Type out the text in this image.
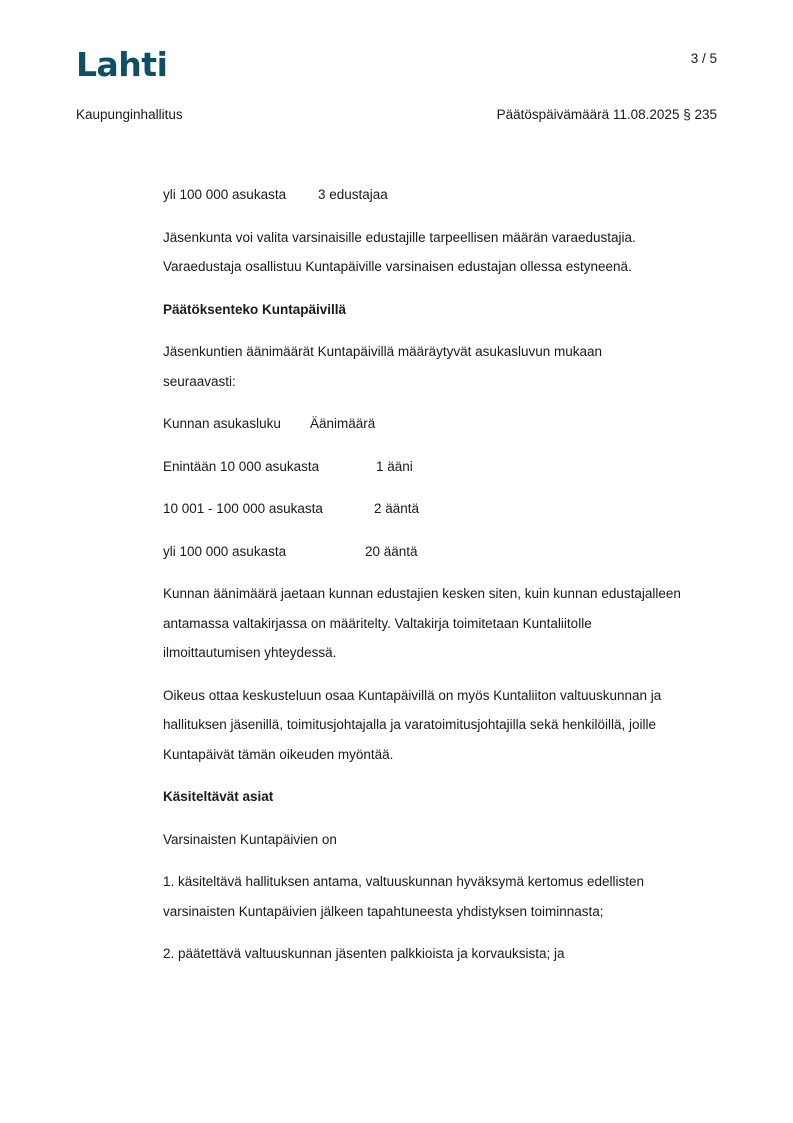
Lahti	3 / 5
Kaupunginhallitus	Päätöspäivämäärä 11.08.2025 § 235

yli 100 000 asukasta 3 edustajaa

Jäsenkunta voi valita varsinaisille edustajille tarpeellisen määrän varaedustajia.
Varaedustaja osallistuu Kuntapäiville varsinaisen edustajan ollessa estyneenä.

Päätöksenteko Kuntapäivillä

Jäsenkuntien äänimäärät Kuntapäivillä määräytyvät asukasluvun mukaan seuraavasti:

Kunnan asukasluku Äänimäärä

Enintään 10 000 asukasta	1 ääni

10 001 - 100 000 asukasta	2 ääntä

yli 100 000 asukasta	20 ääntä

Kunnan äänimäärä jaetaan kunnan edustajien kesken siten, kuin kunnan edustajalleen antamassa valtakirjassa on määritelty. Valtakirja toimitetaan Kuntaliitolle ilmoittautumisen yhteydessä.

Oikeus ottaa keskusteluun osaa Kuntapäivillä on myös Kuntaliiton valtuuskunnan ja hallituksen jäsenillä, toimitusjohtajalla ja varatoimitusjohtajilla sekä henkilöillä, joille Kuntapäivät tämän oikeuden myöntää.

Käsiteltävät asiat

Varsinaisten Kuntapäivien on

1. käsiteltävä hallituksen antama, valtuuskunnan hyväksymä kertomus edellisten varsinaisten Kuntapäivien jälkeen tapahtuneesta yhdistyksen toiminnasta;

2. päätettävä valtuuskunnan jäsenten palkkioista ja korvauksista; ja
